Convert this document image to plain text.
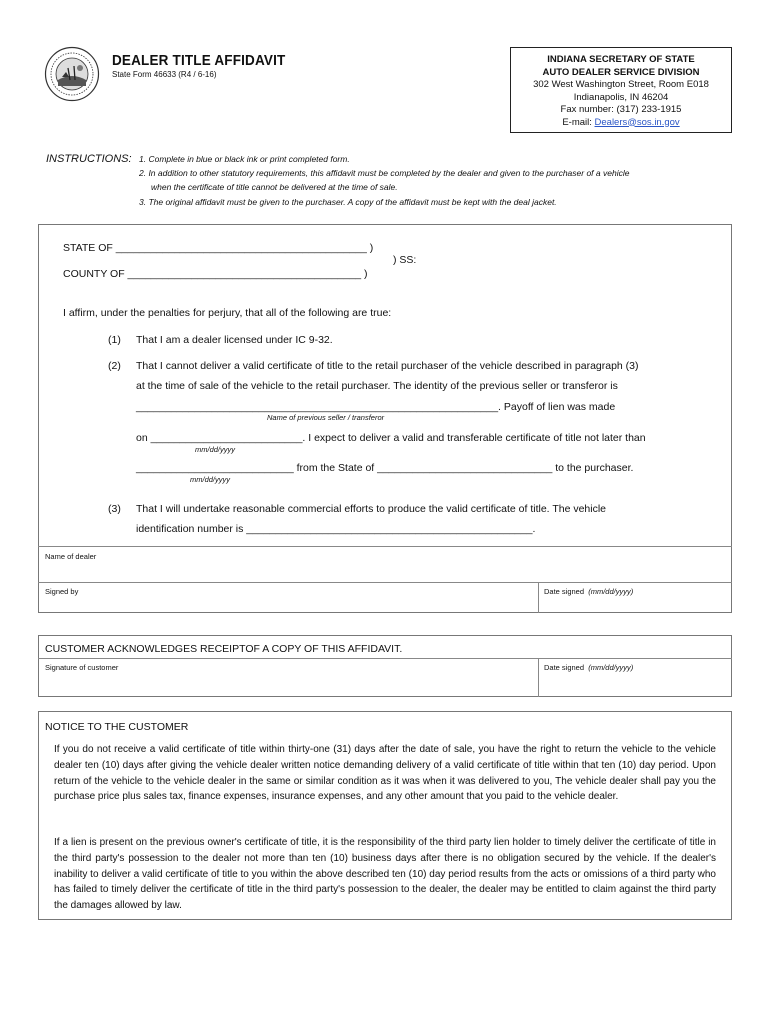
DEALER TITLE AFFIDAVIT
State Form 46633 (R4 / 6-16)
INDIANA SECRETARY OF STATE
AUTO DEALER SERVICE DIVISION
302 West Washington Street, Room E018
Indianapolis, IN 46204
Fax number: (317) 233-1915
E-mail: Dealers@sos.in.gov
INSTRUCTIONS: 1. Complete in blue or black ink or print completed form.
2. In addition to other statutory requirements, this affidavit must be completed by the dealer and given to the purchaser of a vehicle
when the certificate of title cannot be delivered at the time of sale.
3. The original affidavit must be given to the purchaser. A copy of the affidavit must be kept with the deal jacket.
STATE OF ___________________________________________ )
) SS:
COUNTY OF ________________________________________ )
I affirm, under the penalties for perjury, that all of the following are true:
(1) That I am a dealer licensed under IC 9-32.
(2) That I cannot deliver a valid certificate of title to the retail purchaser of the vehicle described in paragraph (3)
at the time of sale of the vehicle to the retail purchaser. The identity of the previous seller or transferor is
______________________________________________________________. Payoff of lien was made
Name of previous seller / transferor
on __________________________. I expect to deliver a valid and transferable certificate of title not later than
mm/dd/yyyy
___________________________ from the State of ______________________________ to the purchaser.
mm/dd/yyyy
(3) That I will undertake reasonable commercial efforts to produce the valid certificate of title. The vehicle
identification number is _________________________________________________.
Name of dealer
Signed by	Date signed (mm/dd/yyyy)
CUSTOMER ACKNOWLEDGES RECEIPTOF A COPY OF THIS AFFIDAVIT.
Signature of customer	Date signed (mm/dd/yyyy)
NOTICE TO THE CUSTOMER
If you do not receive a valid certificate of title within thirty-one (31) days after the date of sale, you have the right to return the vehicle to the vehicle dealer ten (10) days after giving the vehicle dealer written notice demanding delivery of a valid certificate of title within that ten (10) day period. Upon return of the vehicle to the vehicle dealer in the same or similar condition as it was when it was delivered to you, The vehicle dealer shall pay you the purchase price plus sales tax, finance expenses, insurance expenses, and any other amount that you paid to the vehicle dealer.
If a lien is present on the previous owner's certificate of title, it is the responsibility of the third party lien holder to timely deliver the certificate of title in the third party's possession to the dealer not more than ten (10) business days after there is no obligation secured by the vehicle. If the dealer's inability to deliver a valid certificate of title to you within the above described ten (10) day period results from the acts or omissions of a third party who has failed to timely deliver the certificate of title in the third party's possession to the dealer, the dealer may be entitled to claim against the third party the damages allowed by law.
